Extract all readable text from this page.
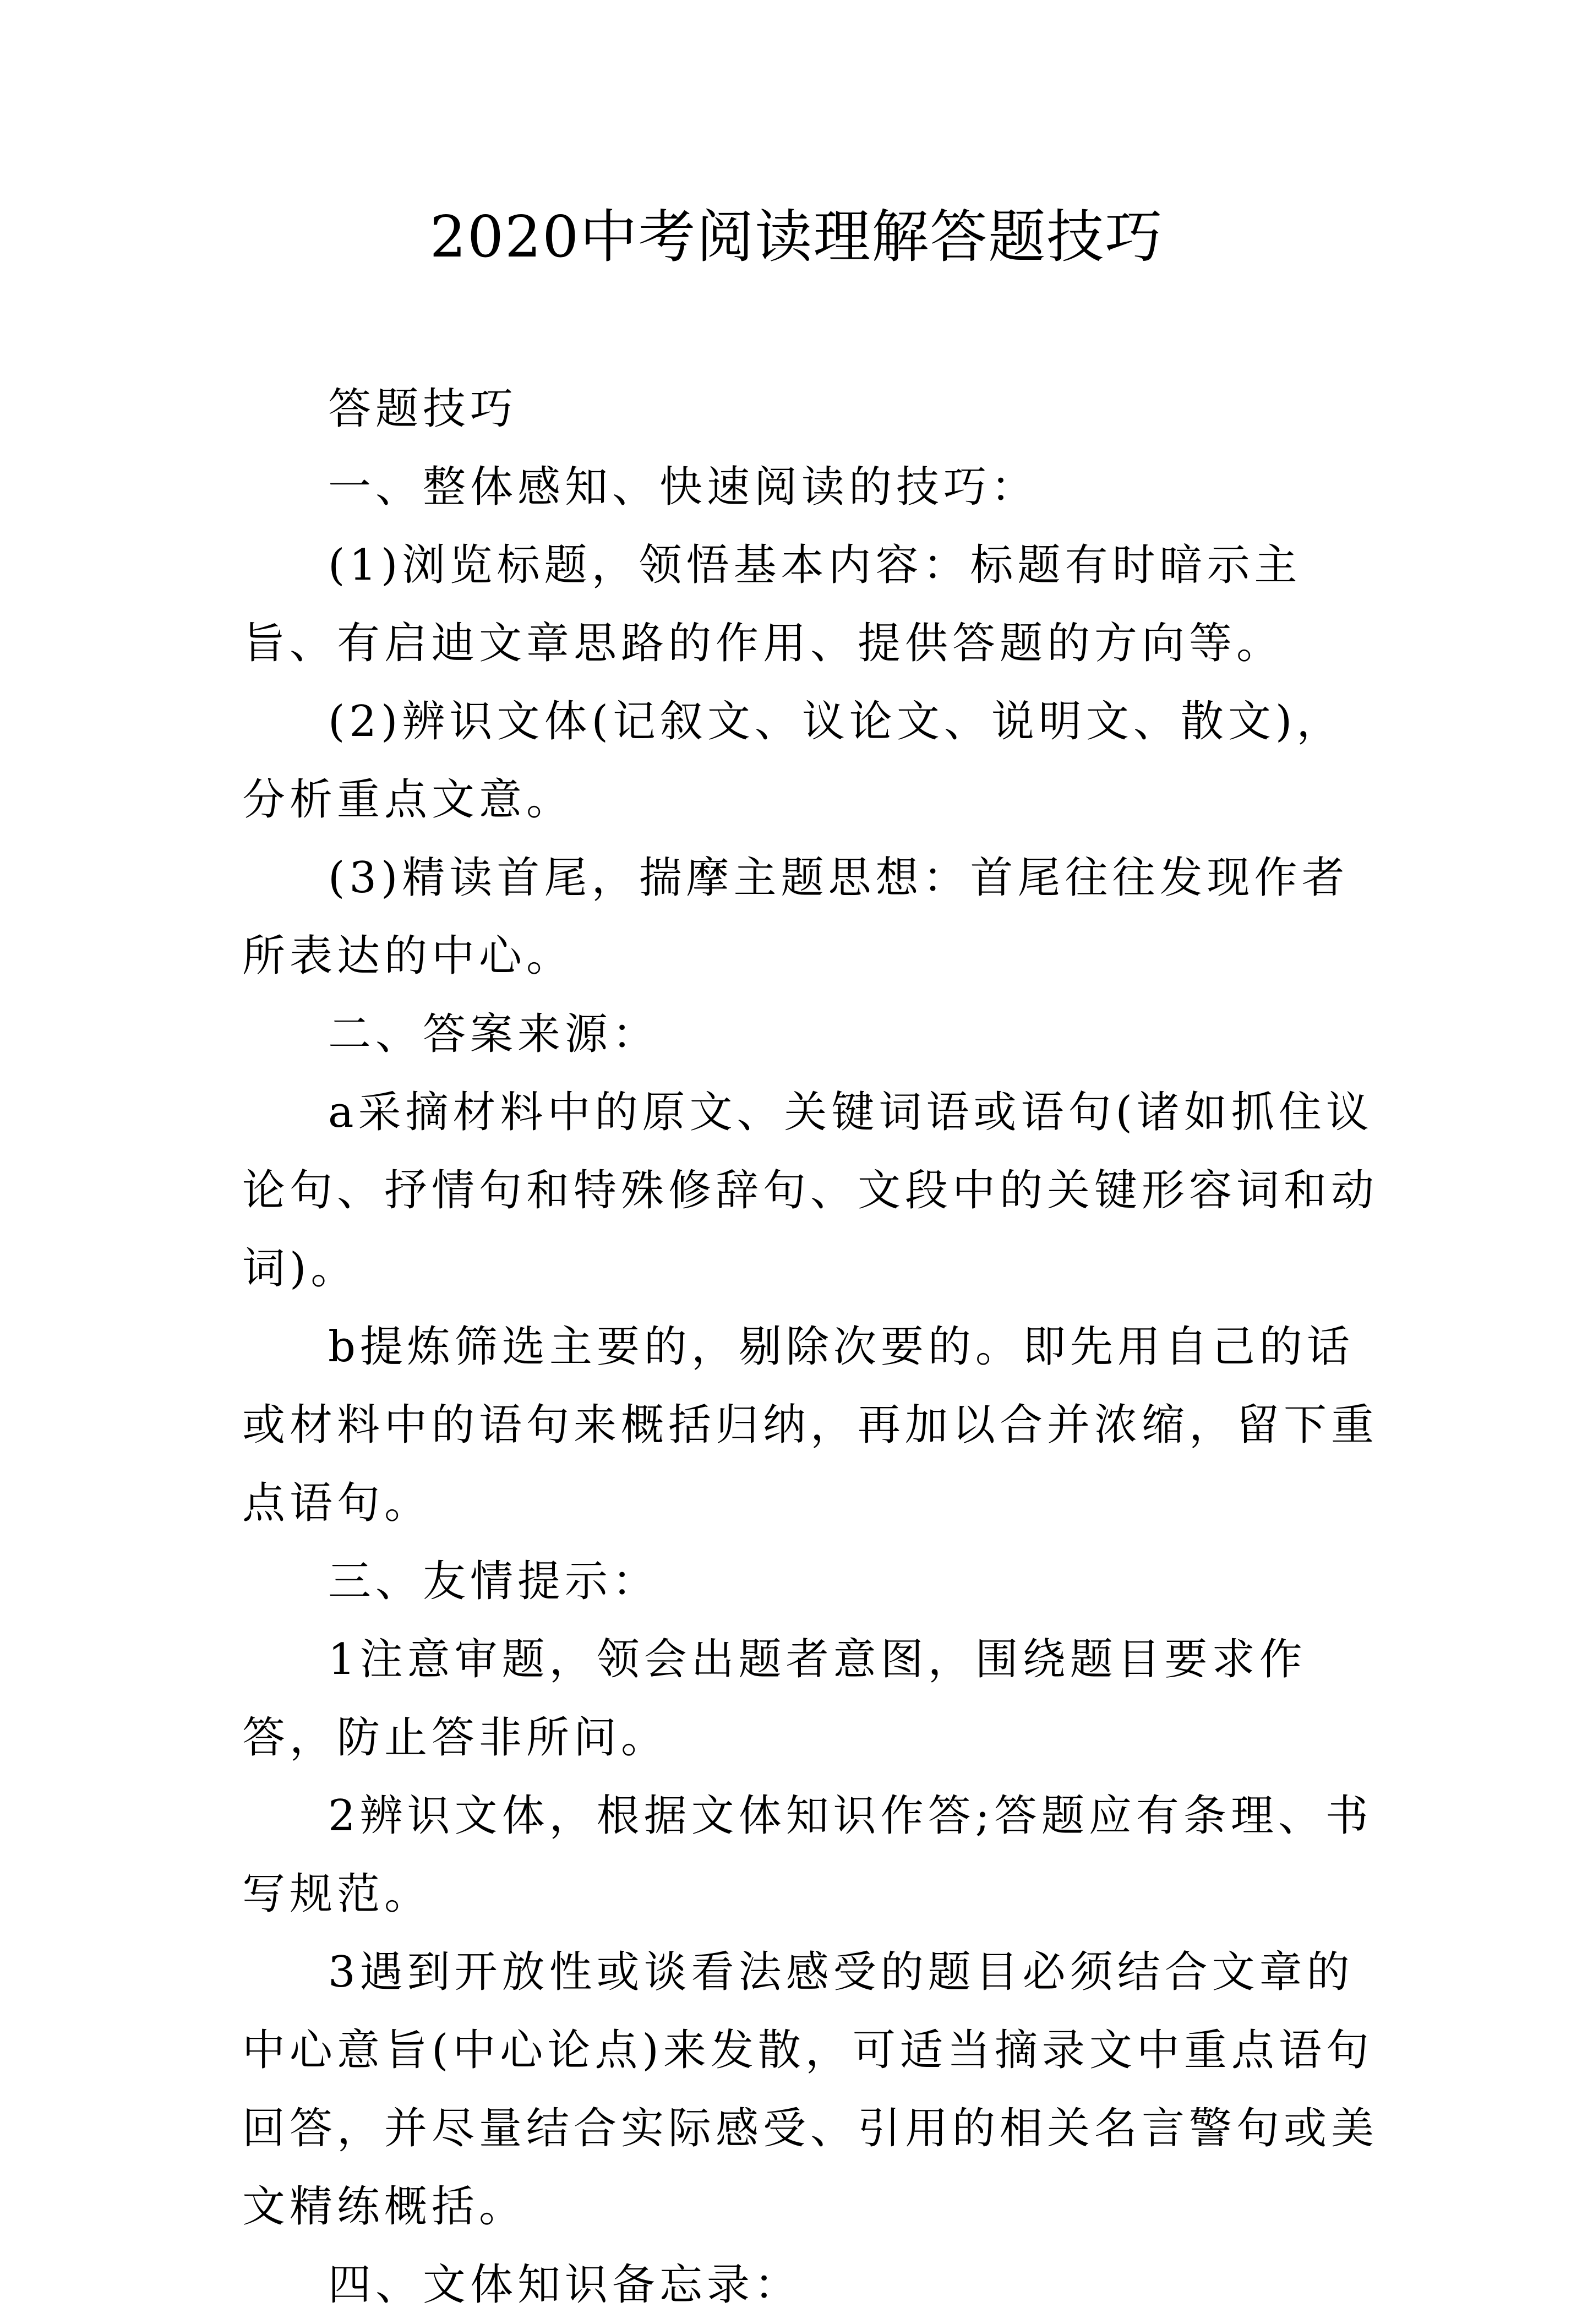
2020中考阅读理解答题技巧

答题技巧

一、整体感知、快速阅读的技巧：

(1)浏览标题，领悟基本内容：标题有时暗示主旨、有启迪文章思路的作用、提供答题的方向等。

(2)辨识文体(记叙文、议论文、说明文、散文)，分析重点文意。

(3)精读首尾，揣摩主题思想：首尾往往发现作者所表达的中心。

二、答案来源：

a采摘材料中的原文、关键词语或语句(诸如抓住议论句、抒情句和特殊修辞句、文段中的关键形容词和动词)。

b提炼筛选主要的，剔除次要的。即先用自己的话或材料中的语句来概括归纳，再加以合并浓缩，留下重点语句。

三、友情提示：

1注意审题，领会出题者意图，围绕题目要求作答，防止答非所问。

2辨识文体，根据文体知识作答;答题应有条理、书写规范。

3遇到开放性或谈看法感受的题目必须结合文章的中心意旨(中心论点)来发散，可适当摘录文中重点语句回答，并尽量结合实际感受、引用的相关名言警句或美文精练概括。

四、文体知识备忘录：
